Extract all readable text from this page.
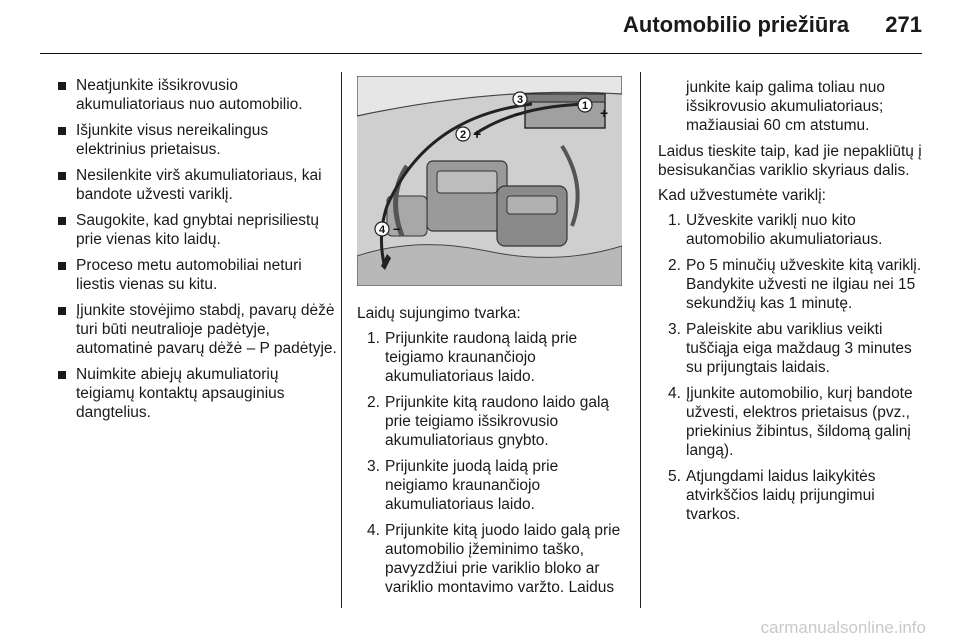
Automobilio priežiūra 271
Neatjunkite išsikrovusio akumuliatoriaus nuo automobilio.
Išjunkite visus nereikalingus elektrinius prietaisus.
Nesilenkite virš akumuliatoriaus, kai bandote užvesti variklį.
Saugokite, kad gnybtai neprisiliestų prie vienas kito laidų.
Proceso metu automobiliai neturi liestis vienas su kitu.
Įjunkite stovėjimo stabdį, pavarų dėžė turi būti neutralioje padėtyje, automatinė pavarų dėžė – P padėtyje.
Nuimkite abiejų akumuliatorių teigiamų kontaktų apsauginius dangtelius.
1 +
3
–
2 +
4 –

Laidų sujungimo tvarka:

1. Prijunkite raudoną laidą prie teigiamo kraunančiojo akumuliatoriaus laido.
2. Prijunkite kitą raudono laido galą prie teigiamo išsikrovusio akumuliatoriaus gnybto.
3. Prijunkite juodą laidą prie neigiamo kraunančiojo akumuliatoriaus laido.
4. Prijunkite kitą juodo laido galą prie automobilio įžeminimo taško, pavyzdžiui prie variklio bloko ar variklio montavimo varžto. Laidus
junkite kaip galima toliau nuo išsikrovusio akumuliatoriaus; mažiausiai 60 cm atstumu.

Laidus tieskite taip, kad jie nepakliūtų į besisukančias variklio skyriaus dalis.

Kad užvestumėte variklį:

1. Užveskite variklį nuo kito automobilio akumuliatoriaus.
2. Po 5 minučių užveskite kitą variklį. Bandykite užvesti ne ilgiau nei 15 sekundžių kas 1 minutę.
3. Paleiskite abu variklius veikti tuščiąja eiga maždaug 3 minutes su prijungtais laidais.
4. Įjunkite automobilio, kurį bandote užvesti, elektros prietaisus (pvz., priekinius žibintus, šildomą galinį langą).
5. Atjungdami laidus laikykitės atvirkščios laidų prijungimui tvarkos.
carmanualsonline.info
